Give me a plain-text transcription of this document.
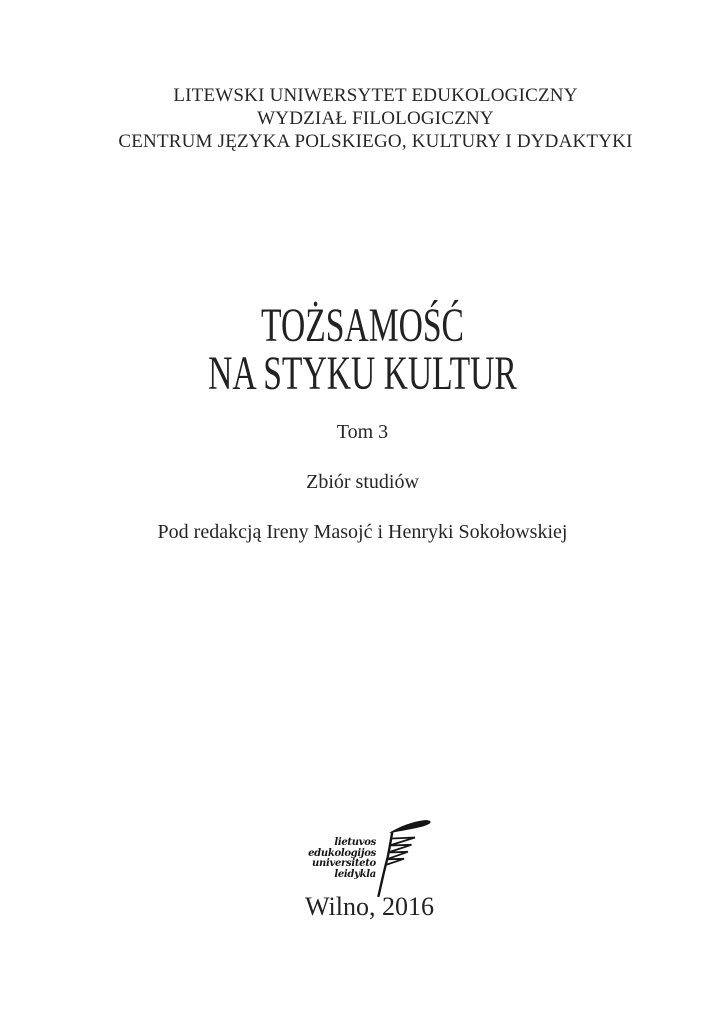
LITEWSKI UNIWERSYTET EDUKOLOGICZNY
WYDZIAŁ FILOLOGICZNY
CENTRUM JĘZYKA POLSKIEGO, KULTURY I DYDAKTYKI
TOŻSAMOŚĆ
NA STYKU KULTUR
Tom 3
Zbiór studiów
Pod redakcją Ireny Masojć i Henryki Sokołowskiej
lietuvos
edukologijos
universiteto
leidykla
Wilno, 2016
